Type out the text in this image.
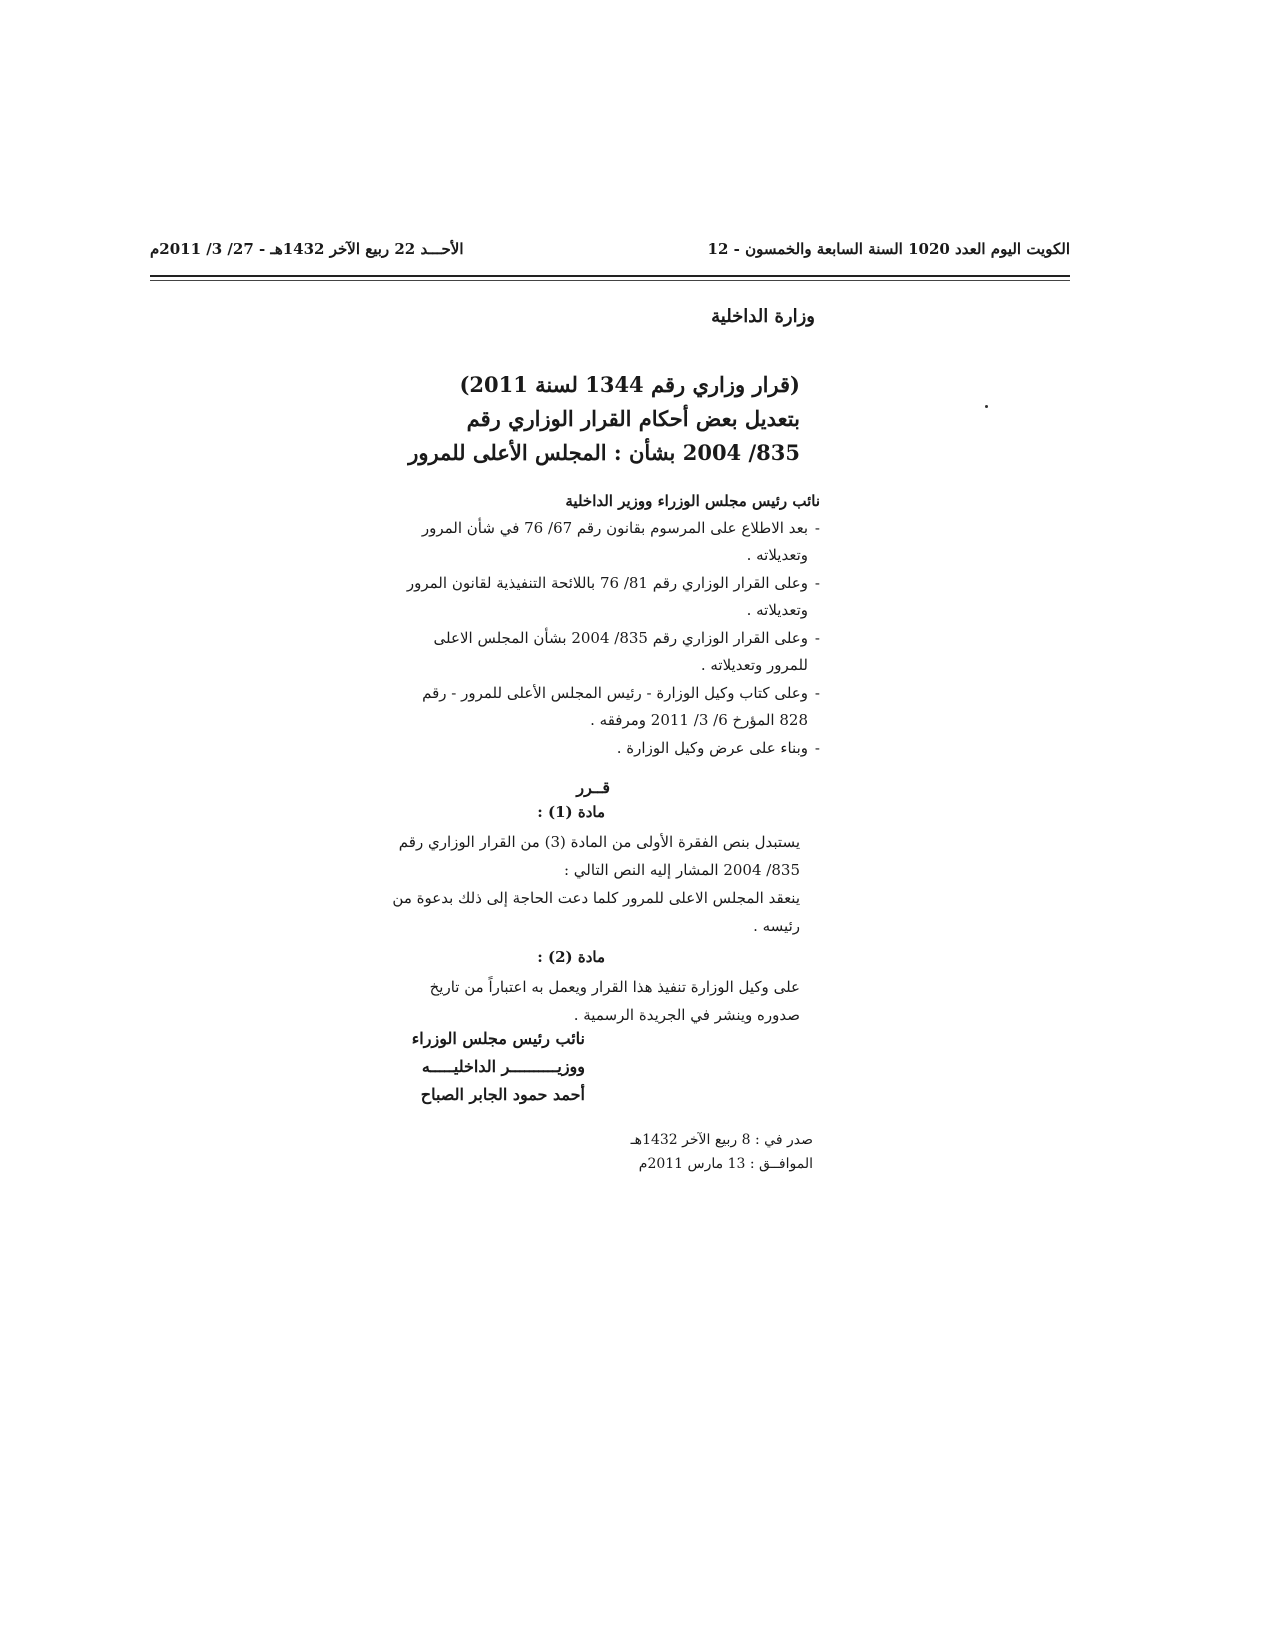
الكويت اليوم العدد 1020 السنة السابعة والخمسون - 12
الأحـــد 22 ربيع الآخر 1432هـ - 27/ 3/ 2011م
وزارة الداخلية
(قرار وزاري رقم 1344 لسنة 2011)
بتعديل بعض أحكام القرار الوزاري رقم
835/ 2004 بشأن : المجلس الأعلى للمرور
نائب رئيس مجلس الوزراء ووزير الداخلية
-
بعد الاطلاع على المرسوم بقانون رقم 67/ 76 في شأن المرور وتعديلاته .
-
وعلى القرار الوزاري رقم 81/ 76 باللائحة التنفيذية لقانون المرور وتعديلاته .
-
وعلى القرار الوزاري رقم 835/ 2004 بشأن المجلس الاعلى للمرور وتعديلاته .
-
وعلى كتاب وكيل الوزارة - رئيس المجلس الأعلى للمرور - رقم 828 المؤرخ 6/ 3/ 2011 ومرفقه .
-
وبناء على عرض وكيل الوزارة .
قــرر
مادة (1) :
يستبدل بنص الفقرة الأولى من المادة (3) من القرار الوزاري رقم 835/ 2004 المشار إليه النص التالي :
ينعقد المجلس الاعلى للمرور كلما دعت الحاجة إلى ذلك بدعوة من رئيسه .
مادة (2) :
على وكيل الوزارة تنفيذ هذا القرار ويعمل به اعتباراً من تاريخ صدوره وينشر في الجريدة الرسمية .
نائب رئيس مجلس الوزراء
ووزيــــــــــر الداخليـــــه
أحمد حمود الجابر الصباح
صدر في : 8 ربيع الآخر 1432هـ
الموافــق : 13 مارس 2011م
